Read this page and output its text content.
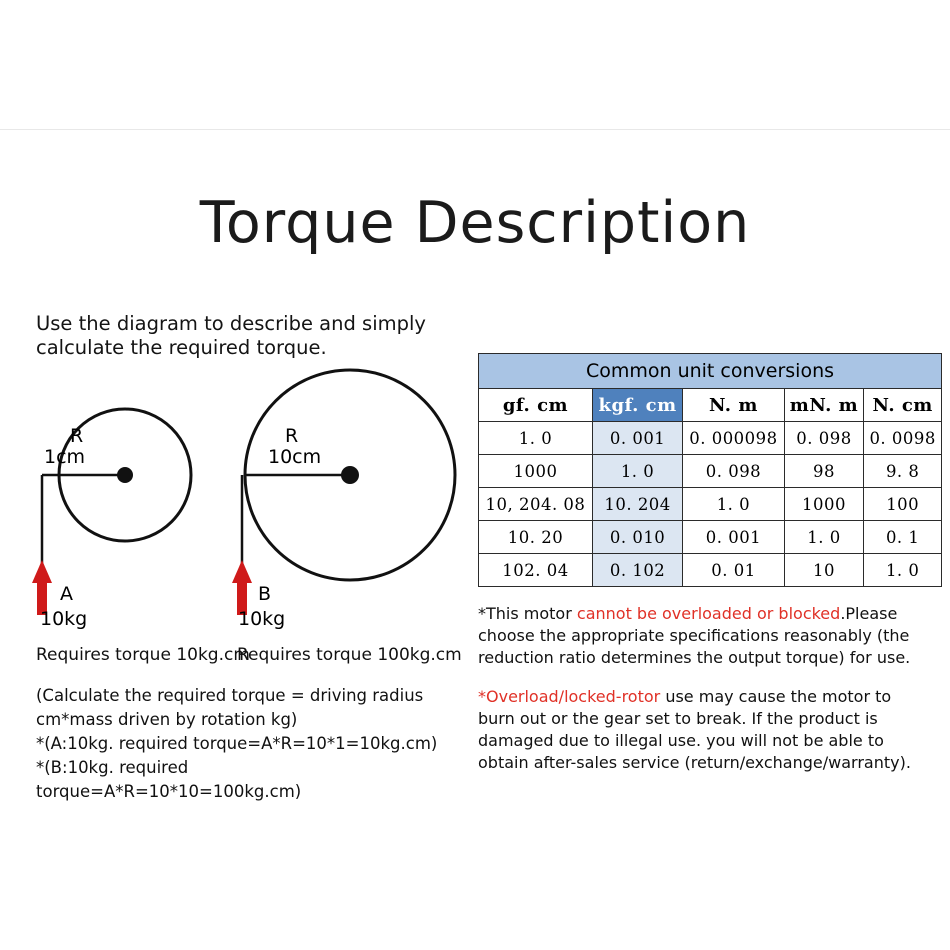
Torque Description
Use the diagram to describe and simply calculate the required torque.
R
1cm
R
10cm
A
10kg
B
10kg
Requires torque 10kg.cm
Requires torque 100kg.cm
(Calculate the required torque = driving radius
cm*mass driven by rotation kg)
*(A:10kg. required torque=A*R=10*1=10kg.cm)
*(B:10kg. required torque=A*R=10*10=100kg.cm)
Common unit conversions				
gf. cm	kgf. cm	N. m	mN. m	N. cm
1. 0	0. 001	0. 000098	0. 098	0. 0098
1000	1. 0	0. 098	98	9. 8
10, 204. 08	10. 204	1. 0	1000	100
10. 20	0. 010	0. 001	1. 0	0. 1
102. 04	0. 102	0. 01	10	1. 0

*This motor cannot be overloaded or blocked.Please choose the appropriate specifications reasonably (the reduction ratio determines the output torque) for use.

*Overload/locked-rotor use may cause the motor to burn out or the gear set to break. If the product is damaged due to illegal use. you will not be able to obtain after-sales service (return/exchange/warranty).
